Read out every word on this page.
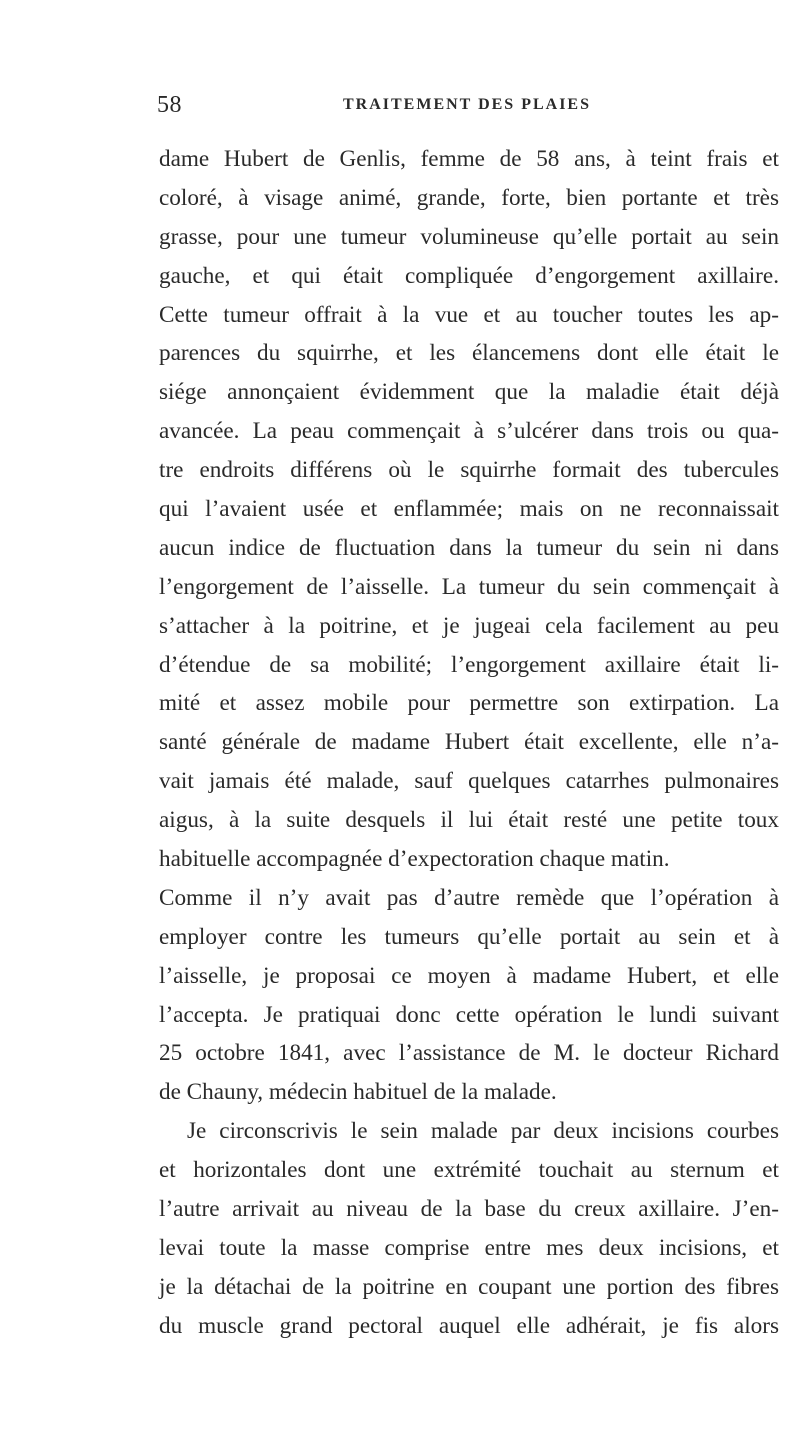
58	TRAITEMENT DES PLAIES
dame Hubert de Genlis, femme de 58 ans, à teint frais et
coloré, à visage animé, grande, forte, bien portante et très
grasse, pour une tumeur volumineuse qu’elle portait au sein
gauche, et qui était compliquée d’engorgement axillaire.
Cette tumeur offrait à la vue et au toucher toutes les ap-
parences du squirrhe, et les élancemens dont elle était le
siége annonçaient évidemment que la maladie était déjà
avancée. La peau commençait à s’ulcérer dans trois ou qua-
tre endroits différens où le squirrhe formait des tubercules
qui l’avaient usée et enflammée; mais on ne reconnaissait
aucun indice de fluctuation dans la tumeur du sein ni dans
l’engorgement de l’aisselle. La tumeur du sein commençait à
s’attacher à la poitrine, et je jugeai cela facilement au peu
d’étendue de sa mobilité; l’engorgement axillaire était li-
mité et assez mobile pour permettre son extirpation. La
santé générale de madame Hubert était excellente, elle n’a-
vait jamais été malade, sauf quelques catarrhes pulmonaires
aigus, à la suite desquels il lui était resté une petite toux
habituelle accompagnée d’expectoration chaque matin.
Comme il n’y avait pas d’autre remède que l’opération à
employer contre les tumeurs qu’elle portait au sein et à
l’aisselle, je proposai ce moyen à madame Hubert, et elle
l’accepta. Je pratiquai donc cette opération le lundi suivant
25 octobre 1841, avec l’assistance de M. le docteur Richard
de Chauny, médecin habituel de la malade.
Je circonscrivis le sein malade par deux incisions courbes
et horizontales dont une extrémité touchait au sternum et
l’autre arrivait au niveau de la base du creux axillaire. J’en-
levai toute la masse comprise entre mes deux incisions, et
je la détachai de la poitrine en coupant une portion des fibres
du muscle grand pectoral auquel elle adhérait, je fis alors
